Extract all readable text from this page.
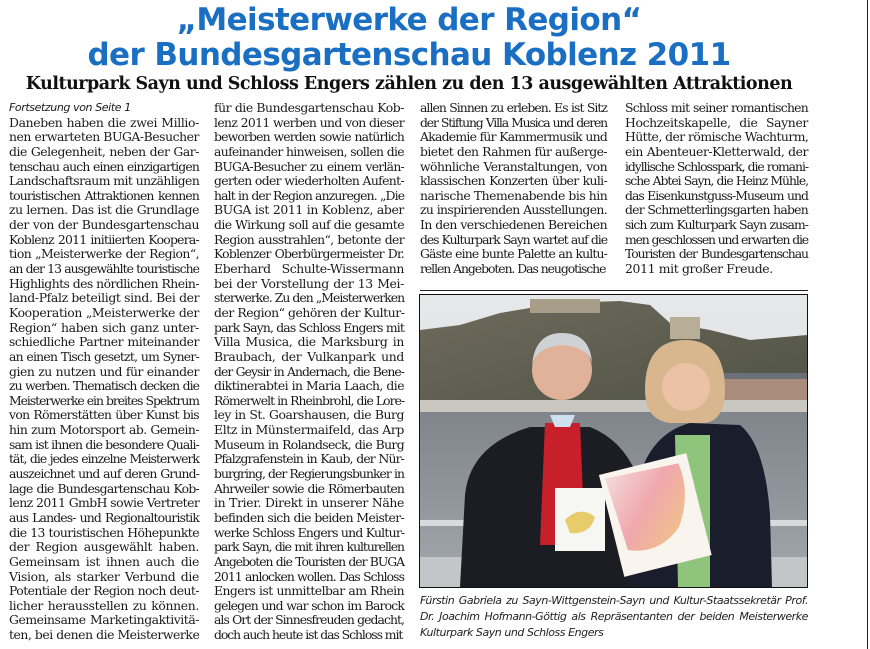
„Meisterwerke der Region“
der Bundesgartenschau Koblenz 2011
Kulturpark Sayn und Schloss Engers zählen zu den 13 ausgewählten Attraktionen
Fortsetzung von Seite 1
Daneben haben die zwei Millio-
nen erwarteten BUGA-Besucher
die Gelegenheit, neben der Gar-
tenschau auch einen einzigartigen
Landschaftsraum mit unzähligen
touristischen Attraktionen kennen
zu lernen. Das ist die Grundlage
der von der Bundesgartenschau
Koblenz 2011 initiierten Koopera-
tion „Meisterwerke der Region“,
an der 13 ausgewählte touristische
Highlights des nördlichen Rhein-
land-Pfalz beteiligt sind. Bei der
Kooperation „Meisterwerke der
Region“ haben sich ganz unter-
schiedliche Partner miteinander
an einen Tisch gesetzt, um Syner-
gien zu nutzen und für einander
zu werben. Thematisch decken die
Meisterwerke ein breites Spektrum
von Römerstätten über Kunst bis
hin zum Motorsport ab. Gemein-
sam ist ihnen die besondere Quali-
tät, die jedes einzelne Meisterwerk
auszeichnet und auf deren Grund-
lage die Bundesgartenschau Kob-
lenz 2011 GmbH sowie Vertreter
aus Landes- und Regionaltouristik
die 13 touristischen Höhepunkte
der Region ausgewählt haben.
Gemeinsam ist ihnen auch die
Vision, als starker Verbund die
Potentiale der Region noch deut-
licher herausstellen zu können.
Gemeinsame Marketingaktivitä-
ten, bei denen die Meisterwerke
für die Bundesgartenschau Kob-
lenz 2011 werben und von dieser
beworben werden sowie natürlich
aufeinander hinweisen, sollen die
BUGA-Besucher zu einem verlän-
gerten oder wiederholten Aufent-
halt in der Region anzuregen. „Die
BUGA ist 2011 in Koblenz, aber
die Wirkung soll auf die gesamte
Region ausstrahlen“, betonte der
Koblenzer Oberbürgermeister Dr.
Eberhard Schulte-Wissermann
bei der Vorstellung der 13 Mei-
sterwerke. Zu den „Meisterwerken
der Region“ gehören der Kultur-
park Sayn, das Schloss Engers mit
Villa Musica, die Marksburg in
Braubach, der Vulkanpark und
der Geysir in Andernach, die Bene-
diktinerabtei in Maria Laach, die
Römerwelt in Rheinbrohl, die Lore-
ley in St. Goarshausen, die Burg
Eltz in Münstermaifeld, das Arp
Museum in Rolandseck, die Burg
Pfalzgrafenstein in Kaub, der Nür-
burgring, der Regierungsbunker in
Ahrweiler sowie die Römerbauten
in Trier. Direkt in unserer Nähe
befinden sich die beiden Meister-
werke Schloss Engers und Kultur-
park Sayn, die mit ihren kulturellen
Angeboten die Touristen der BUGA
2011 anlocken wollen. Das Schloss
Engers ist unmittelbar am Rhein
gelegen und war schon im Barock
als Ort der Sinnesfreuden gedacht,
doch auch heute ist das Schloss mit
allen Sinnen zu erleben. Es ist Sitz
der Stiftung Villa Musica und deren
Akademie für Kammermusik und
bietet den Rahmen für außerge-
wöhnliche Veranstaltungen, von
klassischen Konzerten über kuli-
narische Themenabende bis hin
zu inspirierenden Ausstellungen.
In den verschiedenen Bereichen
des Kulturpark Sayn wartet auf die
Gäste eine bunte Palette an kultu-
rellen Angeboten. Das neugotische
Schloss mit seiner romantischen
Hochzeitskapelle, die Sayner
Hütte, der römische Wachturm,
ein Abenteuer-Kletterwald, der
idyllische Schlosspark, die romani-
sche Abtei Sayn, die Heinz Mühle,
das Eisenkunstguss-Museum und
der Schmetterlingsgarten haben
sich zum Kulturpark Sayn zusam-
men geschlossen und erwarten die
Touristen der Bundesgartenschau
2011 mit großer Freude.
Fürstin Gabriela zu Sayn-Wittgenstein-Sayn und Kultur-Staatssekretär Prof.
Dr. Joachim Hofmann-Göttig als Repräsentanten der beiden Meisterwerke
Kulturpark Sayn und Schloss Engers
